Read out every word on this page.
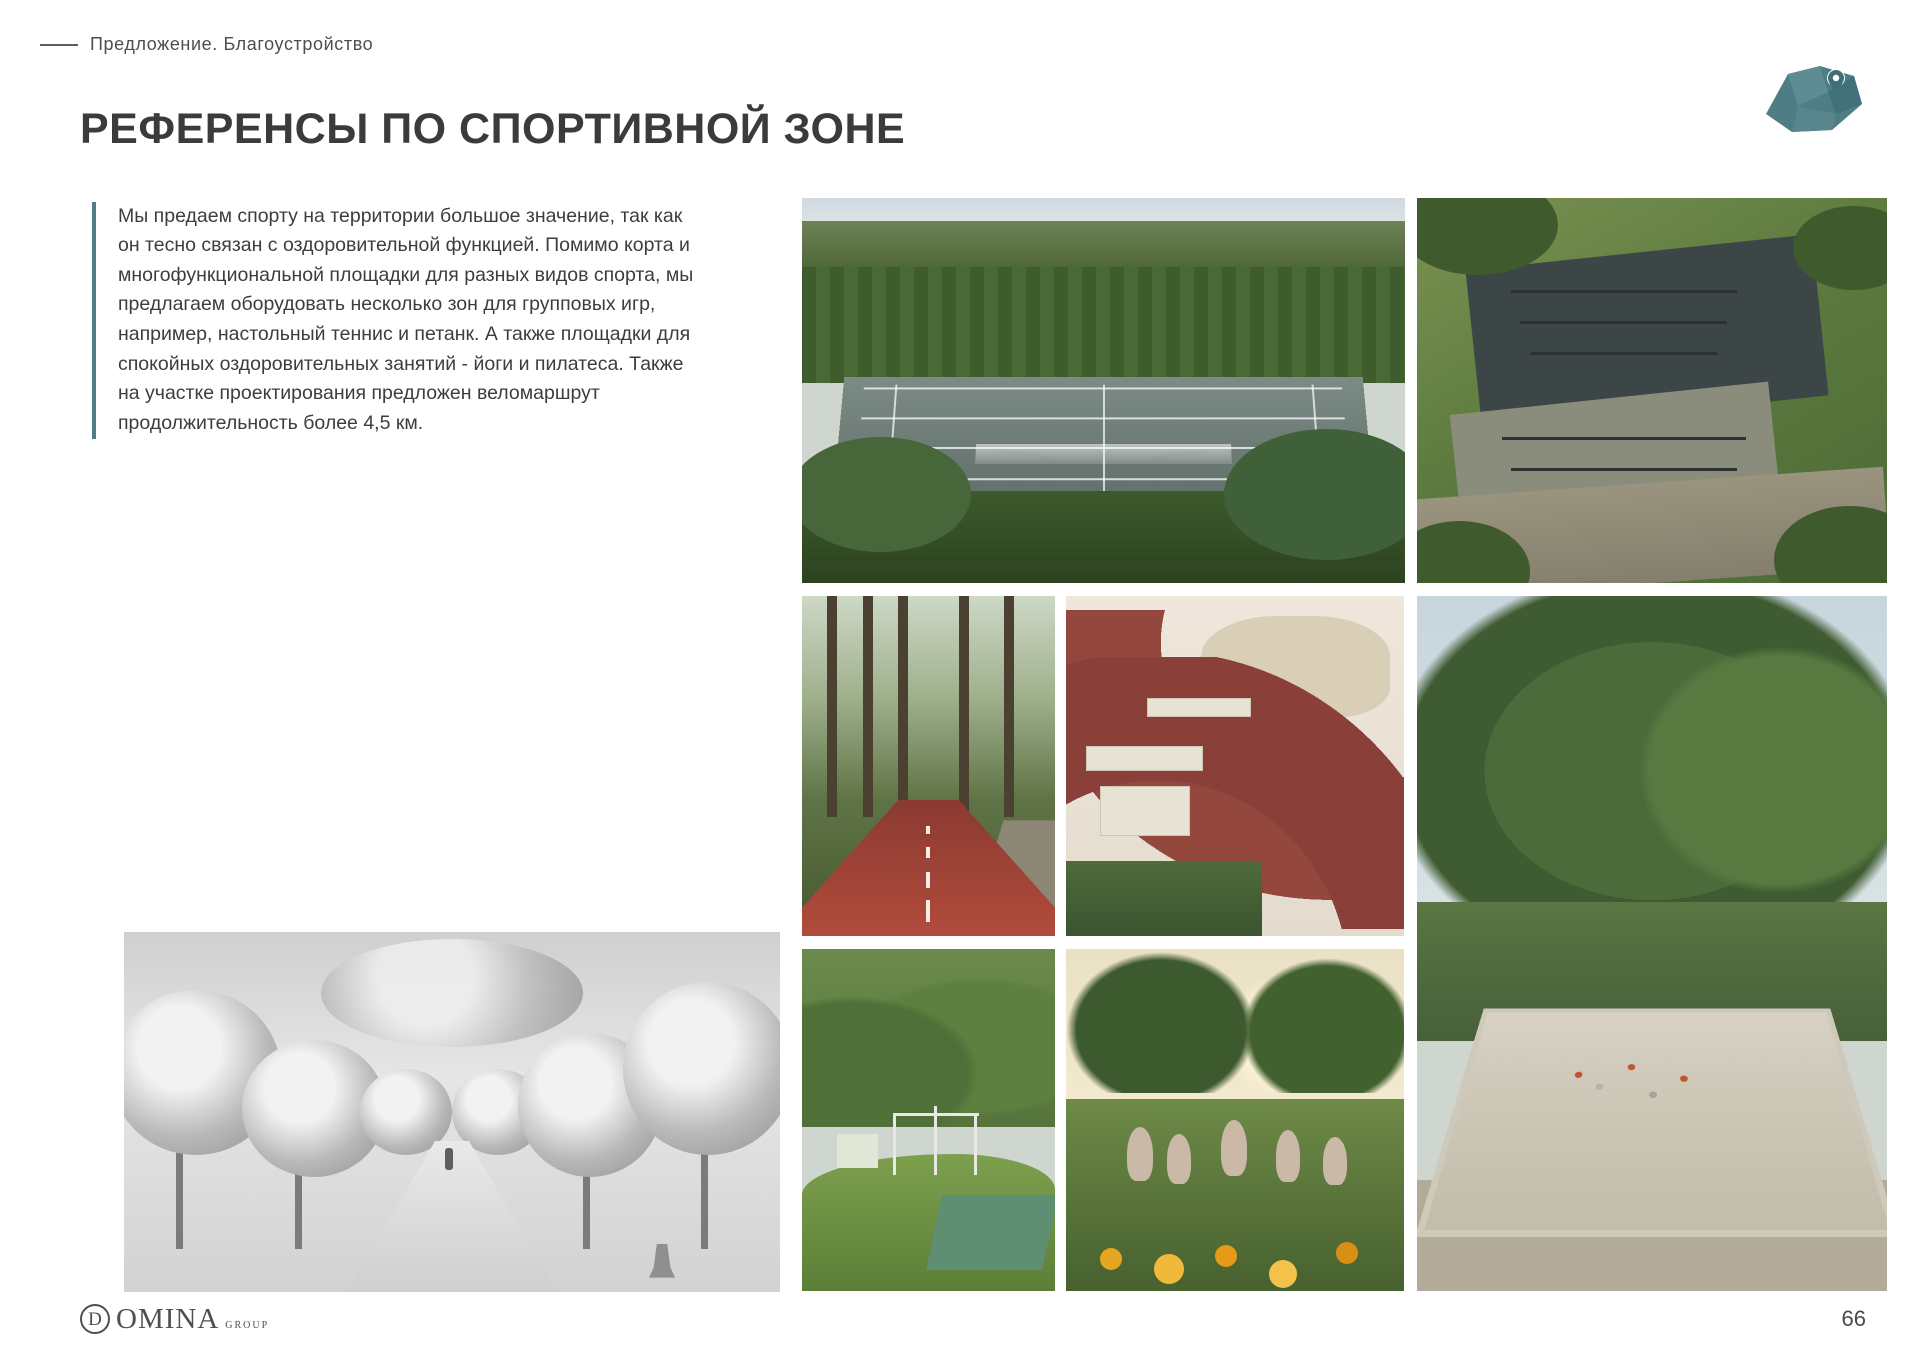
Предложение. Благоустройство
РЕФЕРЕНСЫ ПО СПОРТИВНОЙ ЗОНЕ

Мы предаем спорту на территории большое значение, так как он тесно связан с оздоровительной функцией. Помимо корта и многофункциональной площадки для разных видов спорта, мы предлагаем оборудовать несколько зон для групповых игр, например, настольный теннис и петанк. А также площадки для спокойных оздоровительных занятий - йоги и пилатеса. Также на участке проектирования предложен веломаршрут продолжительность более 4,5 км.

D OMINA GROUP	66
